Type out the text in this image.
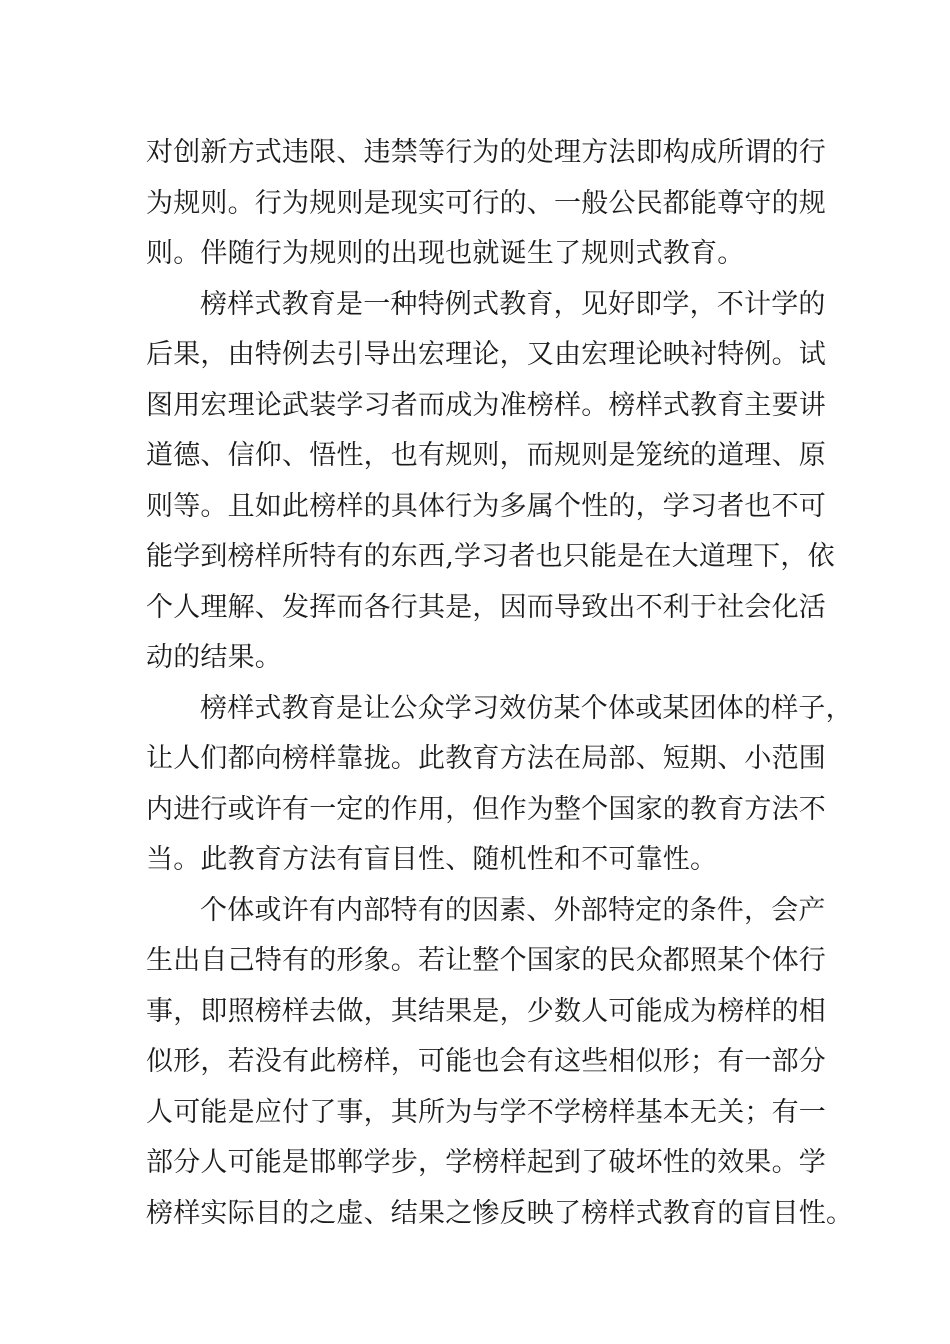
对创新方式违限、违禁等行为的处理方法即构成所谓的行
为规则。行为规则是现实可行的、一般公民都能尊守的规
则。伴随行为规则的出现也就诞生了规则式教育。
榜样式教育是一种特例式教育，见好即学，不计学的
后果，由特例去引导出宏理论，又由宏理论映衬特例。试
图用宏理论武装学习者而成为准榜样。榜样式教育主要讲
道德、信仰、悟性，也有规则，而规则是笼统的道理、原
则等。且如此榜样的具体行为多属个性的，学习者也不可
能学到榜样所特有的东西,学习者也只能是在大道理下，依
个人理解、发挥而各行其是，因而导致出不利于社会化活
动的结果。
榜样式教育是让公众学习效仿某个体或某团体的样子，
让人们都向榜样靠拢。此教育方法在局部、短期、小范围
内进行或许有一定的作用，但作为整个国家的教育方法不
当。此教育方法有盲目性、随机性和不可靠性。
个体或许有内部特有的因素、外部特定的条件，会产
生出自己特有的形象。若让整个国家的民众都照某个体行
事，即照榜样去做，其结果是，少数人可能成为榜样的相
似形，若没有此榜样，可能也会有这些相似形；有一部分
人可能是应付了事，其所为与学不学榜样基本无关；有一
部分人可能是邯郸学步，学榜样起到了破坏性的效果。学
榜样实际目的之虚、结果之惨反映了榜样式教育的盲目性。
